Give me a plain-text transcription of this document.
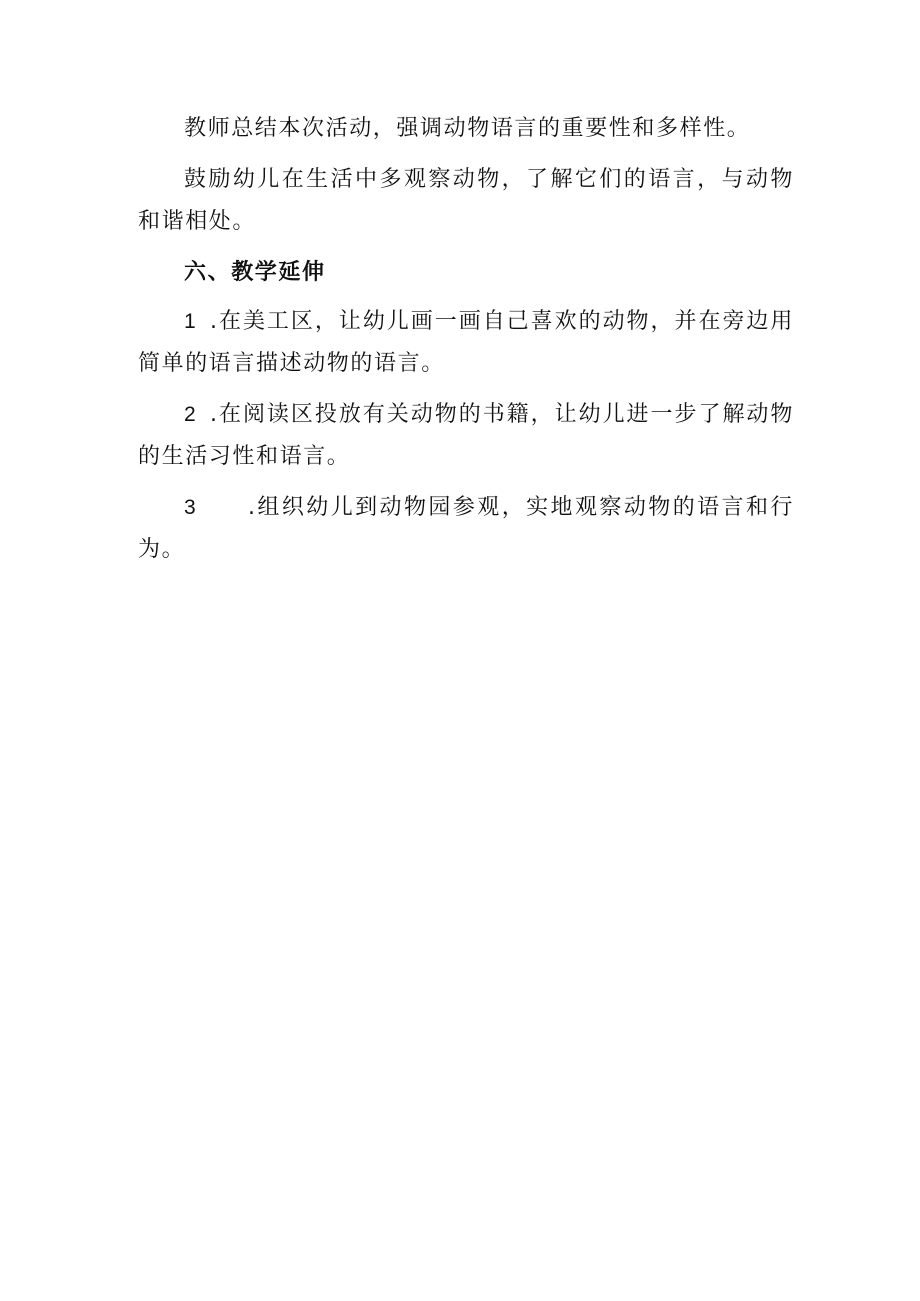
教师总结本次活动，强调动物语言的重要性和多样性。

鼓励幼儿在生活中多观察动物，了解它们的语言，与动物和谐相处。

六、教学延伸

1 .在美工区，让幼儿画一画自己喜欢的动物，并在旁边用简单的语言描述动物的语言。

2 .在阅读区投放有关动物的书籍，让幼儿进一步了解动物的生活习性和语言。

3 .组织幼儿到动物园参观，实地观察动物的语言和行为。
